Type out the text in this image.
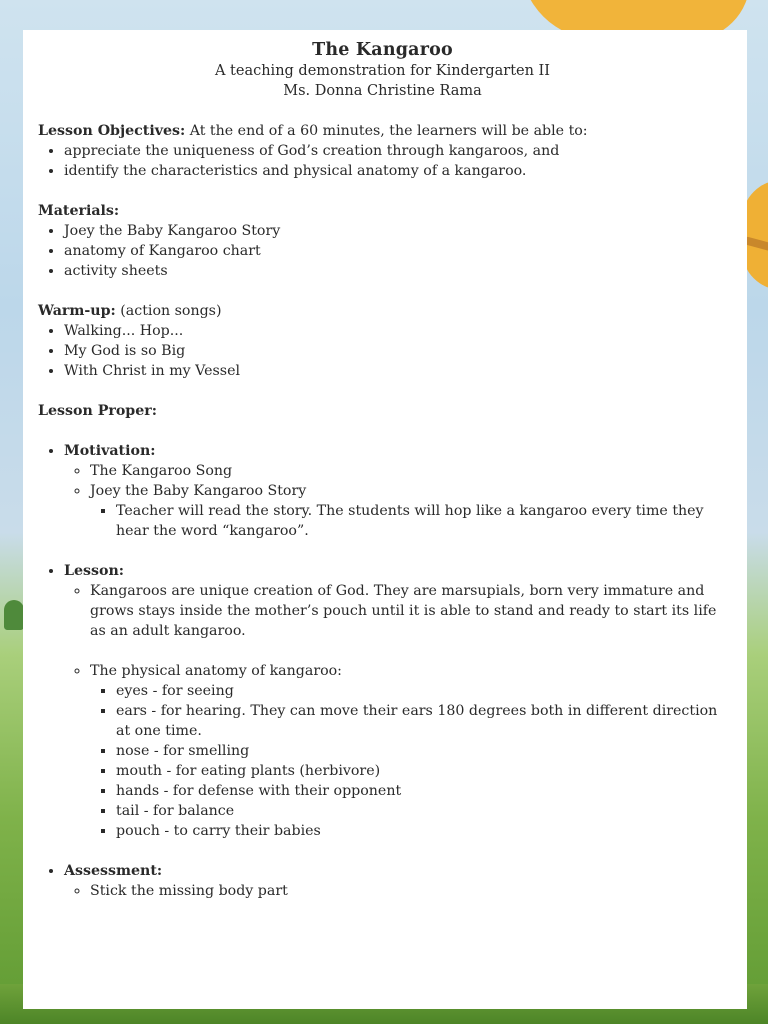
The Kangaroo

A teaching demonstration for Kindergarten II

Ms. Donna Christine Rama

Lesson Objectives: At the end of a 60 minutes, the learners will be able to:

• appreciate the uniqueness of God’s creation through kangaroos, and
• identify the characteristics and physical anatomy of a kangaroo.

Materials:

• Joey the Baby Kangaroo Story
• anatomy of Kangaroo chart
• activity sheets

Warm-up: (action songs)

• Walking... Hop...
• My God is so Big
• With Christ in my Vessel

Lesson Proper:

• Motivation:
◦ The Kangaroo Song
◦ Joey the Baby Kangaroo Story
▪ Teacher will read the story. The students will hop like a kangaroo every time they hear the word “kangaroo”.
• Lesson:
◦ Kangaroos are unique creation of God. They are marsupials, born very immature and grows stays inside the mother’s pouch until it is able to stand and ready to start its life as an adult kangaroo.
◦ The physical anatomy of kangaroo:
▪ eyes - for seeing
▪ ears - for hearing. They can move their ears 180 degrees both in different direction at one time.
▪ nose - for smelling
▪ mouth - for eating plants (herbivore)
▪ hands - for defense with their opponent
▪ tail - for balance
▪ pouch - to carry their babies
• Assessment:
◦ Stick the missing body part
